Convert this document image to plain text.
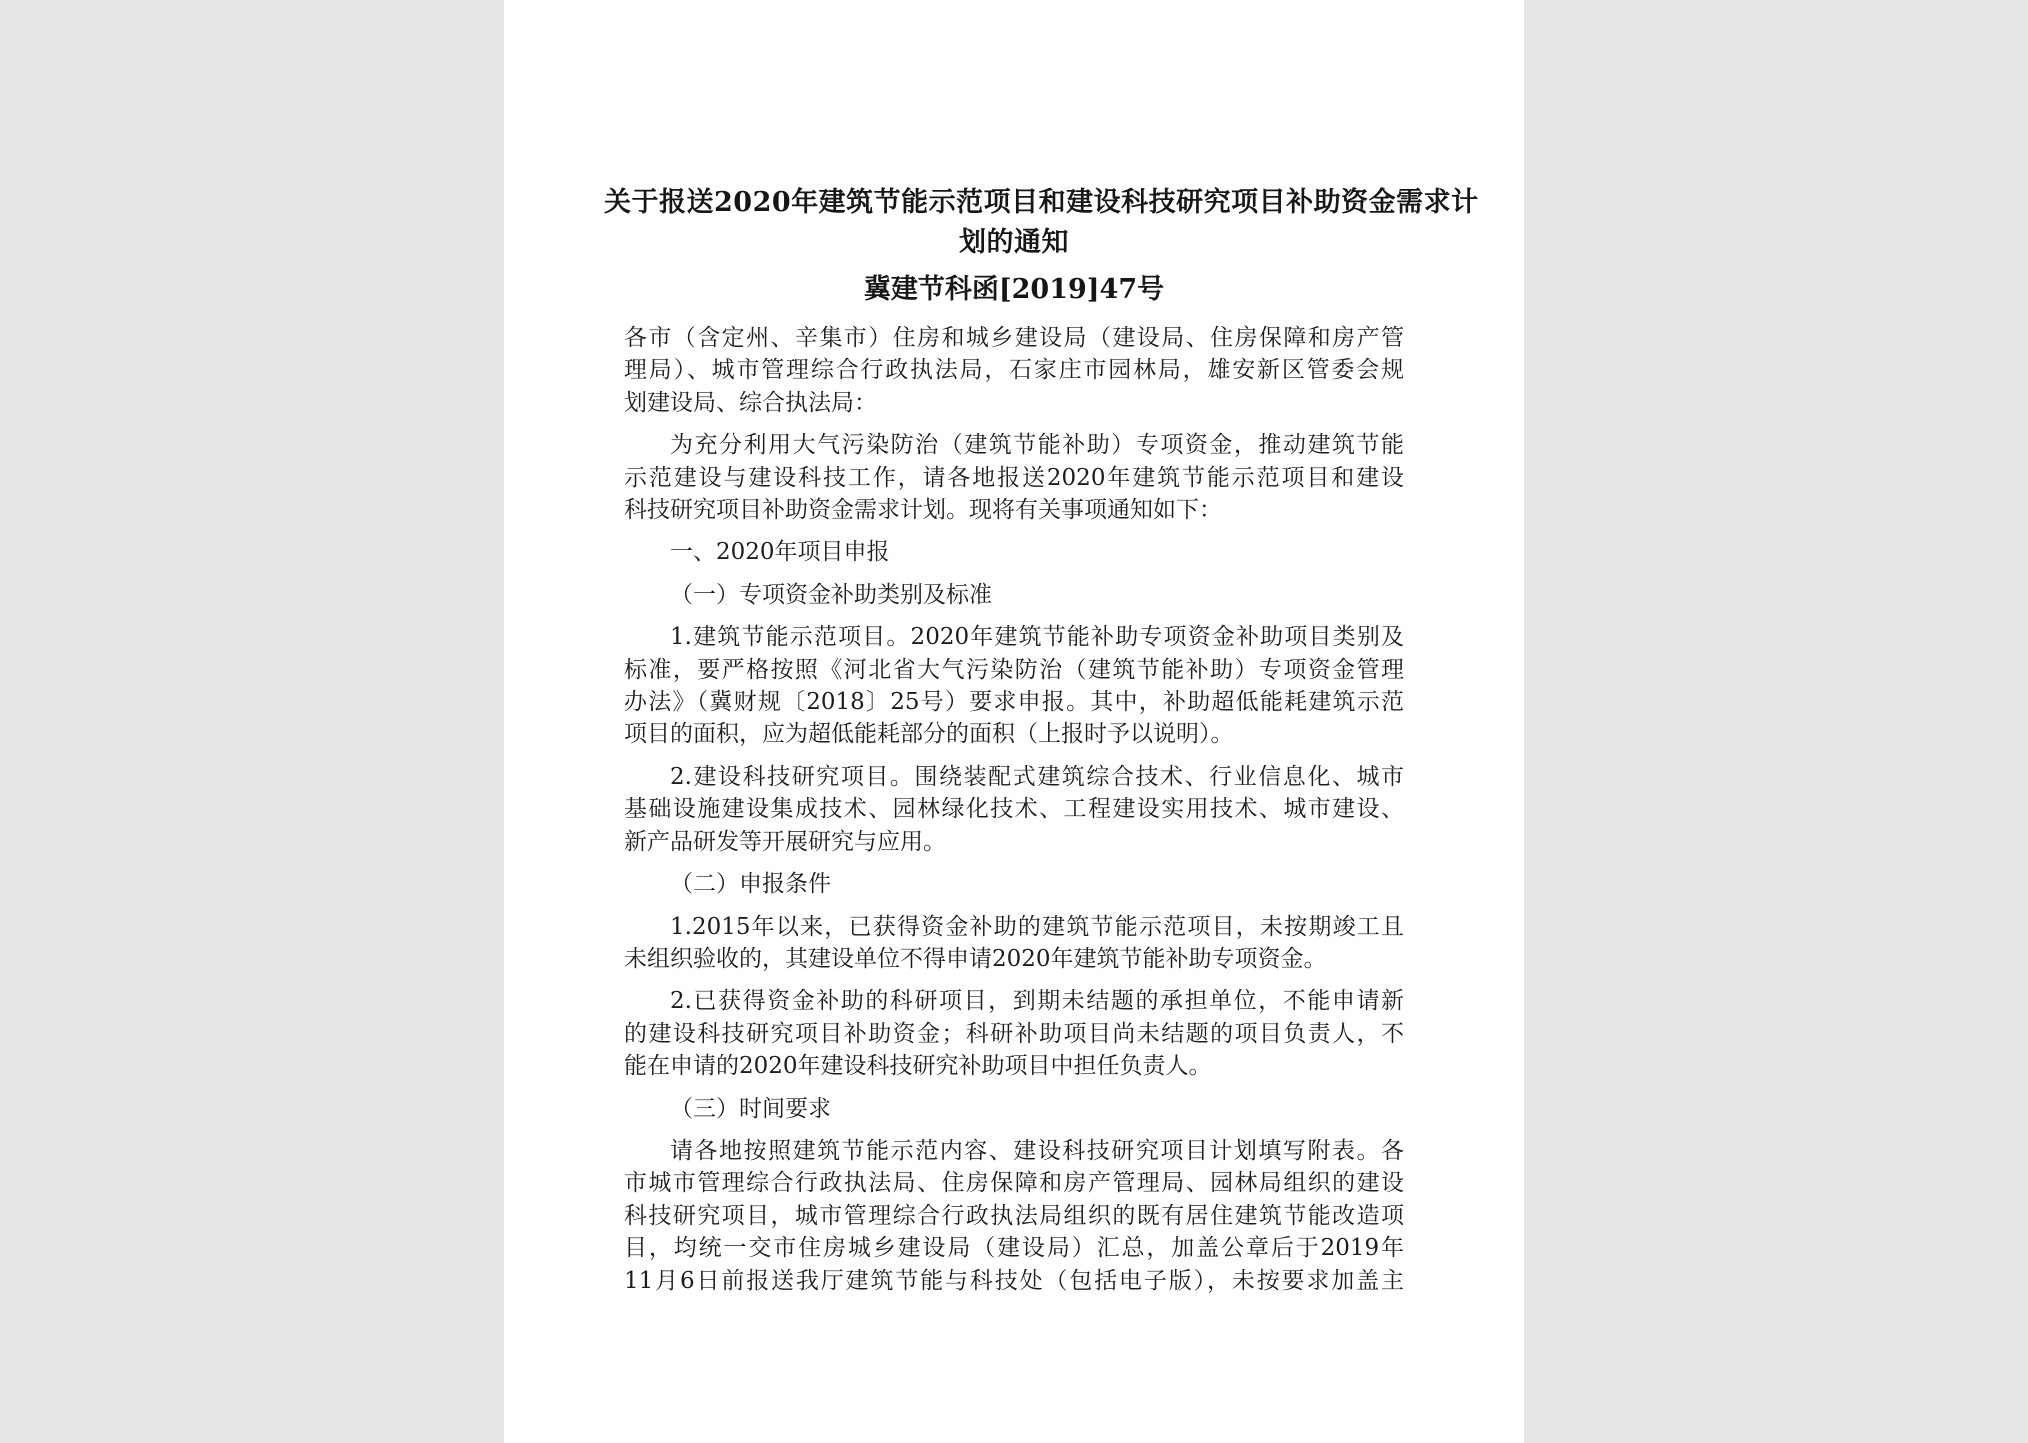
关于报送2020年建筑节能示范项目和建设科技研究项目补助资金需求计
划的通知
冀建节科函[2019]47号
各市（含定州、辛集市）住房和城乡建设局（建设局、住房保障和房产管
理局）、城市管理综合行政执法局，石家庄市园林局，雄安新区管委会规
划建设局、综合执法局：
为充分利用大气污染防治（建筑节能补助）专项资金，推动建筑节能
示范建设与建设科技工作，请各地报送2020年建筑节能示范项目和建设
科技研究项目补助资金需求计划。现将有关事项通知如下：
一、2020年项目申报
（一）专项资金补助类别及标准
1.建筑节能示范项目。2020年建筑节能补助专项资金补助项目类别及
标准，要严格按照《河北省大气污染防治（建筑节能补助）专项资金管理
办法》（冀财规〔2018〕25号）要求申报。其中，补助超低能耗建筑示范
项目的面积，应为超低能耗部分的面积（上报时予以说明）。
2.建设科技研究项目。围绕装配式建筑综合技术、行业信息化、城市
基础设施建设集成技术、园林绿化技术、工程建设实用技术、城市建设、
新产品研发等开展研究与应用。
（二）申报条件
1.2015年以来，已获得资金补助的建筑节能示范项目，未按期竣工且
未组织验收的，其建设单位不得申请2020年建筑节能补助专项资金。
2.已获得资金补助的科研项目，到期未结题的承担单位，不能申请新
的建设科技研究项目补助资金；科研补助项目尚未结题的项目负责人，不
能在申请的2020年建设科技研究补助项目中担任负责人。
（三）时间要求
请各地按照建筑节能示范内容、建设科技研究项目计划填写附表。各
市城市管理综合行政执法局、住房保障和房产管理局、园林局组织的建设
科技研究项目，城市管理综合行政执法局组织的既有居住建筑节能改造项
目，均统一交市住房城乡建设局（建设局）汇总，加盖公章后于2019年
11月6日前报送我厅建筑节能与科技处（包括电子版），未按要求加盖主
